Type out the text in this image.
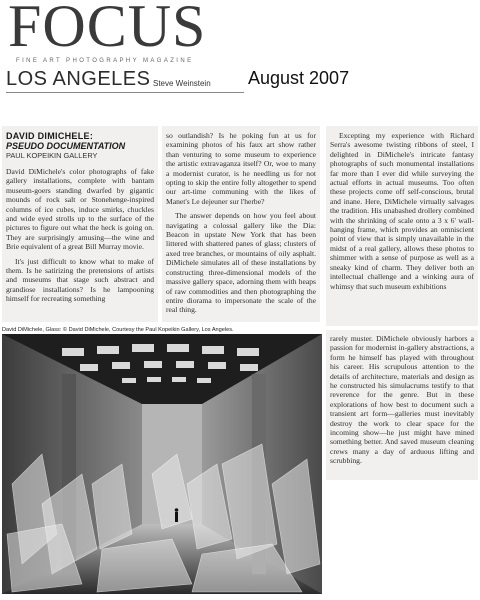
FOCUS
FINE ART PHOTOGRAPHY MAGAZINE
LOS ANGELES Steve Weinstein August 2007
DAVID DIMICHELE:
PSEUDO DOCUMENTATION
PAUL KOPEIKIN GALLERY

David DiMichele's color photographs of fake gallery installations, complete with bantam museum-goers standing dwarfed by gigantic mounds of rock salt or Stonehenge-inspired columns of ice cubes, induce smirks, chuckles and wide eyed strolls up to the surface of the pictures to figure out what the heck is going on. They are surprisingly amusing—the wine and Brie equivalent of a great Bill Murray movie.

It's just difficult to know what to make of them. Is he satirizing the pretensions of artists and museums that stage such abstract and grandiose installations? Is he lampooning himself for recreating something

so outlandish? Is he poking fun at us for examining photos of his faux art show rather than venturing to some museum to experience the artistic extravaganza itself? Or, woe to many a modernist curator, is he needling us for not opting to skip the entire folly altogether to spend our art-time communing with the likes of Manet's Le dejeuner sur l'herbe?

The answer depends on how you feel about navigating a colossal gallery like the Dia: Beacon in upstate New York that has been littered with shattered panes of glass; clusters of axed tree branches, or mountains of oily asphalt. DiMichele simulates all of these installations by constructing three-dimensional models of the massive gallery space, adorning them with heaps of raw commodities and then photographing the entire diorama to impersonate the scale of the real thing.

Excepting my experience with Richard Serra's awesome twisting ribbons of steel, I delighted in DiMichele's intricate fantasy photographs of such monumental installations far more than I ever did while surveying the actual efforts in actual museums. Too often these projects come off self-conscious, brutal and inane. Here, DiMichele virtually salvages the tradition. His unabashed drollery combined with the shrinking of scale onto a 3 x 6' wall-hanging frame, which provides an omniscient point of view that is simply unavailable in the midst of a real gallery, allows these photos to shimmer with a sense of purpose as well as a sneaky kind of charm. They deliver both an intellectual challenge and a winking aura of whimsy that such museum exhibitions

rarely muster. DiMichele obviously harbors a passion for modernist in-gallery abstractions, a form he himself has played with throughout his career. His scrupulous attention to the details of architecture, materials and design as he constructed his simulacrums testify to that reverence for the genre. But in these explorations of how best to document such a transient art form—galleries must inevitably destroy the work to clear space for the incoming show—he just might have mined something better. And saved museum cleaning crews many a day of arduous lifting and scrubbing.

David DiMichele, Glass: © David DiMichele, Courtesy the Paul Kopeikin Gallery, Los Angeles.
